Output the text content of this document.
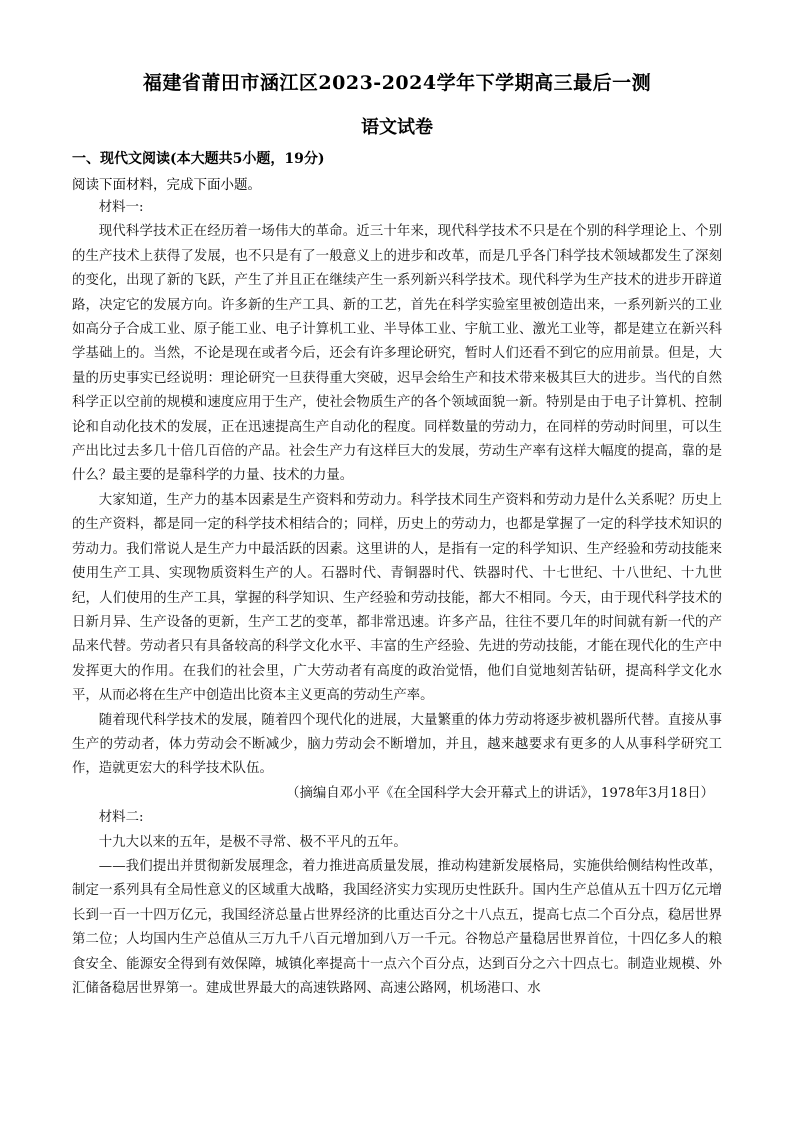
福建省莆田市涵江区2023-2024学年下学期高三最后一测
语文试卷
一、现代文阅读(本大题共5小题，19分)
阅读下面材料，完成下面小题。

材料一:

现代科学技术正在经历着一场伟大的革命。近三十年来，现代科学技术不只是在个别的科学理论上、个别的生产技术上获得了发展，也不只是有了一般意义上的进步和改革，而是几乎各门科学技术领域都发生了深刻的变化，出现了新的飞跃，产生了并且正在继续产生一系列新兴科学技术。现代科学为生产技术的进步开辟道路，决定它的发展方向。许多新的生产工具、新的工艺，首先在科学实验室里被创造出来，一系列新兴的工业如高分子合成工业、原子能工业、电子计算机工业、半导体工业、宇航工业、激光工业等，都是建立在新兴科学基础上的。当然，不论是现在或者今后，还会有许多理论研究，暂时人们还看不到它的应用前景。但是，大量的历史事实已经说明：理论研究一旦获得重大突破，迟早会给生产和技术带来极其巨大的进步。当代的自然科学正以空前的规模和速度应用于生产，使社会物质生产的各个领域面貌一新。特别是由于电子计算机、控制论和自动化技术的发展，正在迅速提高生产自动化的程度。同样数量的劳动力，在同样的劳动时间里，可以生产出比过去多几十倍几百倍的产品。社会生产力有这样巨大的发展，劳动生产率有这样大幅度的提高，靠的是什么？最主要的是靠科学的力量、技术的力量。

大家知道，生产力的基本因素是生产资料和劳动力。科学技术同生产资料和劳动力是什么关系呢？历史上的生产资料，都是同一定的科学技术相结合的；同样，历史上的劳动力，也都是掌握了一定的科学技术知识的劳动力。我们常说人是生产力中最活跃的因素。这里讲的人，是指有一定的科学知识、生产经验和劳动技能来使用生产工具、实现物质资料生产的人。石器时代、青铜器时代、铁器时代、十七世纪、十八世纪、十九世纪，人们使用的生产工具，掌握的科学知识、生产经验和劳动技能，都大不相同。今天，由于现代科学技术的日新月异、生产设备的更新，生产工艺的变革，都非常迅速。许多产品，往往不要几年的时间就有新一代的产品来代替。劳动者只有具备较高的科学文化水平、丰富的生产经验、先进的劳动技能，才能在现代化的生产中发挥更大的作用。在我们的社会里，广大劳动者有高度的政治觉悟，他们自觉地刻苦钻研，提高科学文化水平，从而必将在生产中创造出比资本主义更高的劳动生产率。

随着现代科学技术的发展，随着四个现代化的进展，大量繁重的体力劳动将逐步被机器所代替。直接从事生产的劳动者，体力劳动会不断减少，脑力劳动会不断增加，并且，越来越要求有更多的人从事科学研究工作，造就更宏大的科学技术队伍。

（摘编自邓小平《在全国科学大会开幕式上的讲话》，1978年3月18日）

材料二:

十九大以来的五年，是极不寻常、极不平凡的五年。

——我们提出并贯彻新发展理念，着力推进高质量发展，推动构建新发展格局，实施供给侧结构性改革，制定一系列具有全局性意义的区域重大战略，我国经济实力实现历史性跃升。国内生产总值从五十四万亿元增长到一百一十四万亿元，我国经济总量占世界经济的比重达百分之十八点五，提高七点二个百分点，稳居世界第二位；人均国内生产总值从三万九千八百元增加到八万一千元。谷物总产量稳居世界首位，十四亿多人的粮食安全、能源安全得到有效保障，城镇化率提高十一点六个百分点，达到百分之六十四点七。制造业规模、外汇储备稳居世界第一。建成世界最大的高速铁路网、高速公路网，机场港口、水
